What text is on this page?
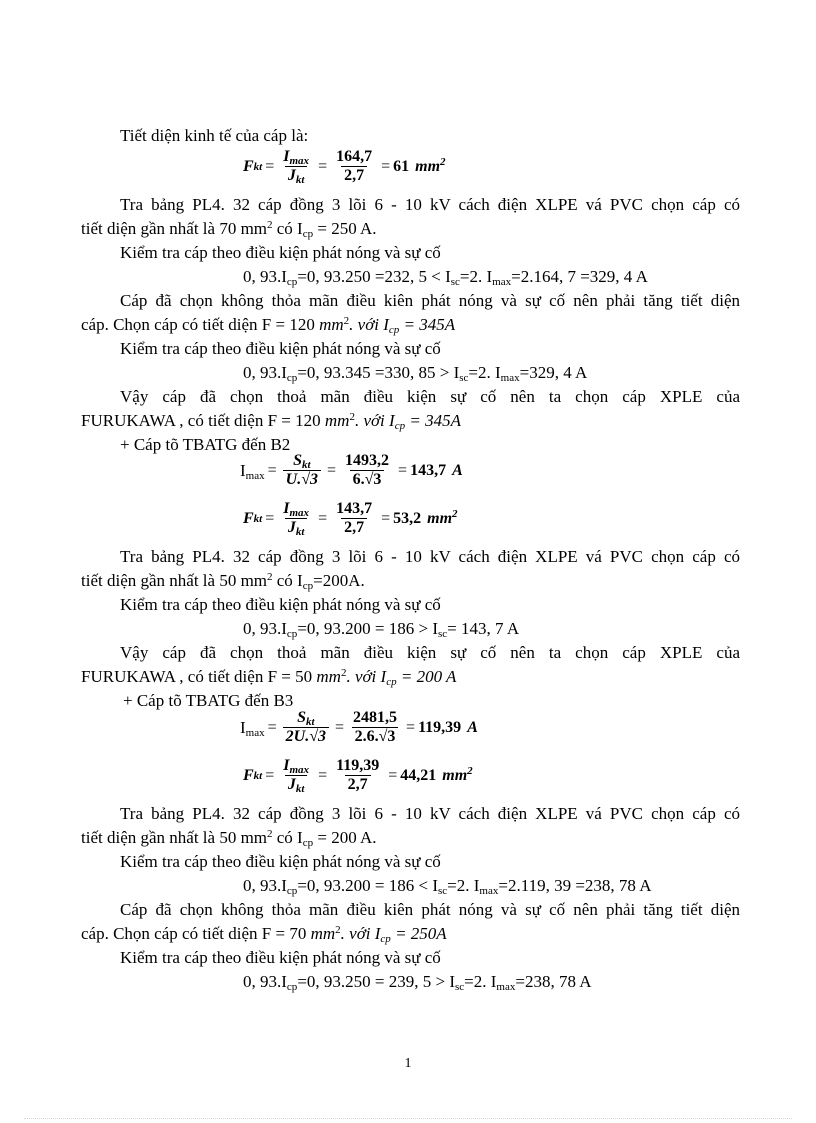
Tiết diện kinh tế của cáp là:
F kt = $\frac{I_{max}}{J_{kt}} = \frac{164,7}{2,7} = 61$ $mm^2$
Tra bảng PL4. 32 cáp đồng 3 lõi 6 - 10 kV cách điện XLPE vá PVC chọn cáp có
tiết diện gần nhất là 70 $mm^2$ có $I_{cp} = 250$ A.
Kiểm tra cáp theo điều kiện phát nóng và sự cố
0, $93.I_{cp}=0$, 93.250 =232, $5 < I_{sc}=2$. $I_{max}=2.164$, 7 =329, 4 A
Cáp đã chọn không thỏa mãn điều kiên phát nóng và sự cố nên phải tăng tiết diện
cáp. Chọn cáp có tiết diện F = 120 $mm^2$. với $I_{cp} = 345A$
Kiểm tra cáp theo điều kiện phát nóng và sự cố
0, $93.I_{cp}=0$, 93.345 =330, $85 > I_{sc}=2$. $I_{max}=329$, 4 A
Vậy cáp đã chọn thoả mãn điều kiện sự cố nên ta chọn cáp XPLE của
FURUKAWA , có tiết diện F = 120 $mm^2$. với $I_{cp} = 345A$
+ Cáp tõ TBATG đến B2
$I_{max} = \frac{S_{kt}}{U.√3} = \frac{1493,2}{6.√3} = 143,7$ A
F kt = $\frac{I_{max}}{J_{kt}} = \frac{143,7}{2,7} = 53,2$ $mm^2$
Tra bảng PL4. 32 cáp đồng 3 lõi 6 - 10 kV cách điện XLPE vá PVC chọn cáp có
tiết diện gần nhất là 50 $mm^2$ có $I_{cp}=200A$.
Kiểm tra cáp theo điều kiện phát nóng và sự cố
0, $93.I_{cp}=0$, $93.200 = 186 > I_{sc}= 143$, 7 A
Vậy cáp đã chọn thoả mãn điều kiện sự cố nên ta chọn cáp XPLE của
FURUKAWA , có tiết diện F = 50 $mm^2$. với $I_{cp} = 200$ A
+ Cáp tõ TBATG đến B3
$I_{max} = \frac{S_{kt}}{2U.√3} = \frac{2481,5}{2.6.√3} = 119,39$ A
F kt = $\frac{I_{max}}{J_{kt}} = \frac{119,39}{2,7} = 44,21$ $mm^2$
Tra bảng PL4. 32 cáp đồng 3 lõi 6 - 10 kV cách điện XLPE vá PVC chọn cáp có
tiết diện gần nhất là 50 $mm^2$ có $I_{cp} = 200$ A.
Kiểm tra cáp theo điều kiện phát nóng và sự cố
0, $93.I_{cp}=0$, $93.200 = 186 < I_{sc}=2$. $I_{max}=2.119$, 39 =238, 78 A
Cáp đã chọn không thỏa mãn điều kiên phát nóng và sự cố nên phải tăng tiết diện
cáp. Chọn cáp có tiết diện F = 70 $mm^2$. với $I_{cp} = 250A$
Kiểm tra cáp theo điều kiện phát nóng và sự cố
0, $93.I_{cp}=0$, 93.250 = 239, $5 > I_{sc}=2$. $I_{max}=238$, 78 A
1
